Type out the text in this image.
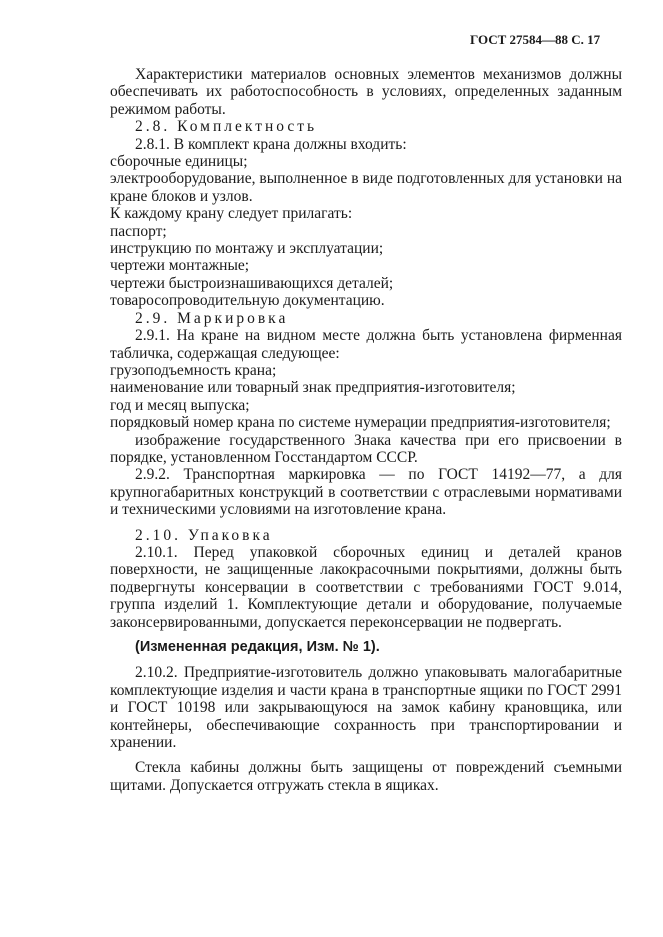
ГОСТ 27584—88 С. 17

Характеристики материалов основных элементов механизмов должны обеспечивать их работоспособность в условиях, определенных заданным режимом работы.

2.8. Комплектность

2.8.1. В комплект крана должны входить:

сборочные единицы;

электрооборудование, выполненное в виде подготовленных для установки на кране блоков и узлов.

К каждому крану следует прилагать:

паспорт;

инструкцию по монтажу и эксплуатации;

чертежи монтажные;

чертежи быстроизнашивающихся деталей;

товаросопроводительную документацию.

2.9. Маркировка

2.9.1. На кране на видном месте должна быть установлена фирменная табличка, содержащая следующее:

грузоподъемность крана;

наименование или товарный знак предприятия-изготовителя;

год и месяц выпуска;

порядковый номер крана по системе нумерации предприятия-изготовителя;

изображение государственного Знака качества при его присвоении в порядке, установленном Госстандартом СССР.

2.9.2. Транспортная маркировка — по ГОСТ 14192—77, а для крупногабаритных конструкций в соответствии с отраслевыми нормативами и техническими условиями на изготовление крана.

2.10. Упаковка

2.10.1. Перед упаковкой сборочных единиц и деталей кранов поверхности, не защищенные лакокрасочными покрытиями, должны быть подвергнуты консервации в соответствии с требованиями ГОСТ 9.014, группа изделий 1. Комплектующие детали и оборудование, получаемые законсервированными, допускается переконсервации не подвергать.

(Измененная редакция, Изм. № 1).

2.10.2. Предприятие-изготовитель должно упаковывать малогабаритные комплектующие изделия и части крана в транспортные ящики по ГОСТ 2991 и ГОСТ 10198 или закрывающуюся на замок кабину крановщика, или контейнеры, обеспечивающие сохранность при транспортировании и хранении.

Стекла кабины должны быть защищены от повреждений съемными щитами. Допускается отгружать стекла в ящиках.
